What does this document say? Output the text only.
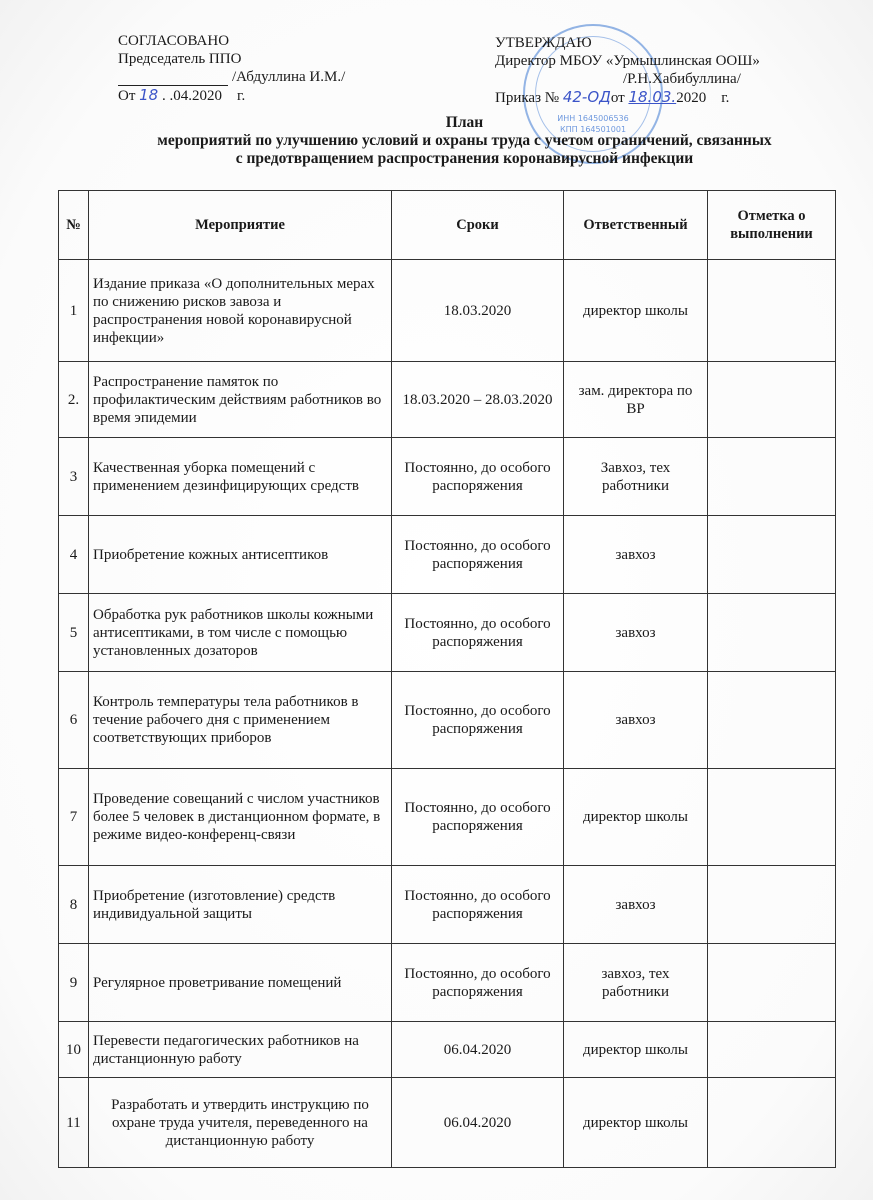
СОГЛАСОВАНО
Председатель ППО
/Абдуллина И.М./
От 18 . .04.2020 г.
ИНН 1645006536
КПП 164501001
УТВЕРЖДАЮ
Директор МБОУ «Урмышлинская ООШ»
/Р.Н.Хабибуллина/
Приказ № 42-ОДот 18.03.2020 г.
План
мероприятий по улучшению условий и охраны труда с учетом ограничений, связанных
с предотвращением распространения коронавирусной инфекции
№	Мероприятие	Сроки	Ответственный	Отметка о выполнении
1	Издание приказа «О дополнительных мерах по снижению рисков завоза и распространения новой коронавирусной инфекции»	18.03.2020	директор школы	
2.	Распространение памяток по профилактическим действиям работников во время эпидемии	18.03.2020 – 28.03.2020	зам. директора по ВР	
3	Качественная уборка помещений с применением дезинфицирующих средств	Постоянно, до особого распоряжения	Завхоз, тех работники	
4	Приобретение кожных антисептиков	Постоянно, до особого распоряжения	завхоз	
5	Обработка рук работников школы кожными антисептиками, в том числе с помощью установленных дозаторов	Постоянно, до особого распоряжения	завхоз	
6	Контроль температуры тела работников в течение рабочего дня с применением соответствующих приборов	Постоянно, до особого распоряжения	завхоз	
7	Проведение совещаний с числом участников более 5 человек в дистанционном формате, в режиме видео-конференц-связи	Постоянно, до особого распоряжения	директор школы	
8	Приобретение (изготовление) средств индивидуальной защиты	Постоянно, до особого распоряжения	завхоз	
9	Регулярное проветривание помещений	Постоянно, до особого распоряжения	завхоз, тех работники	
10	Перевести педагогических работников на дистанционную работу	06.04.2020	директор школы	
11	Разработать и утвердить инструкцию по охране труда учителя, переведенного на дистанционную работу	06.04.2020	директор школы	
